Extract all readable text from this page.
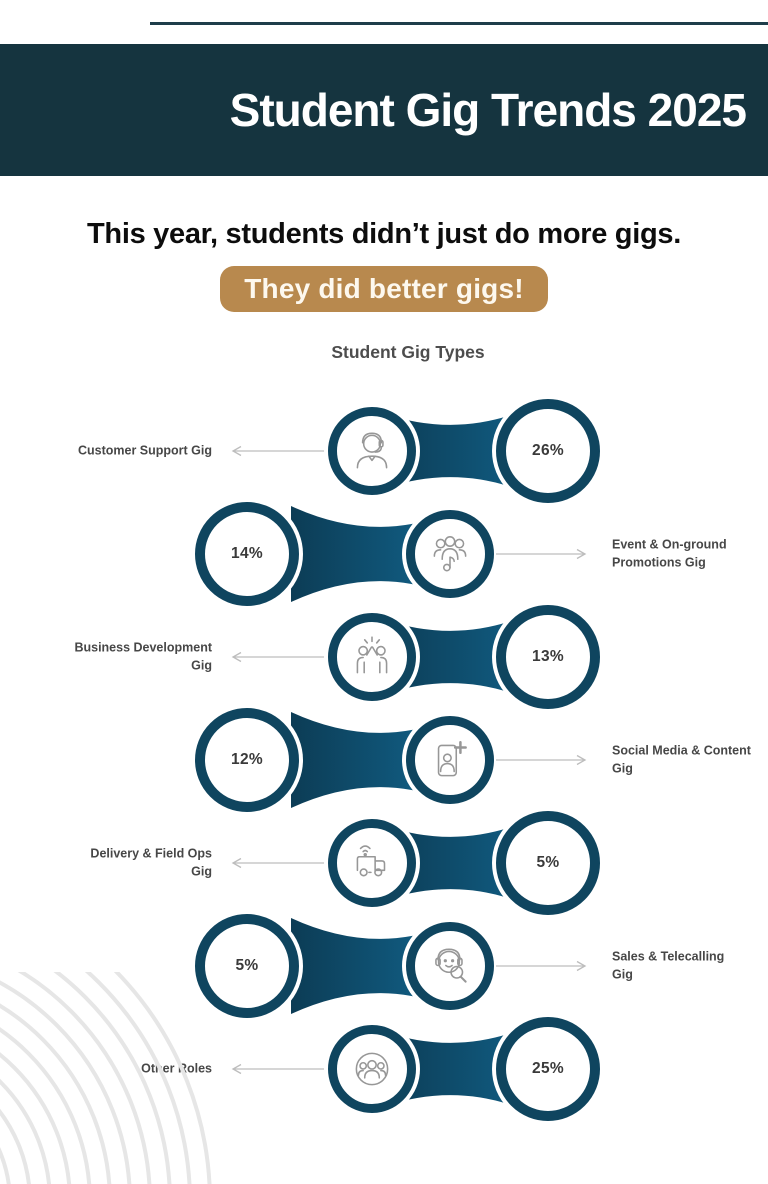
Student Gig Trends 2025
This year, students didn’t just do more gigs.
They did better gigs!
Student Gig Types
Customer Support Gig	26%
14%
Event & On-ground
Promotions Gig
Business Development
Gig
13%
12%
Social Media & Content
Gig
Delivery & Field Ops
Gig
5%
5%
Sales & Telecalling
Gig
Other Roles	25%
